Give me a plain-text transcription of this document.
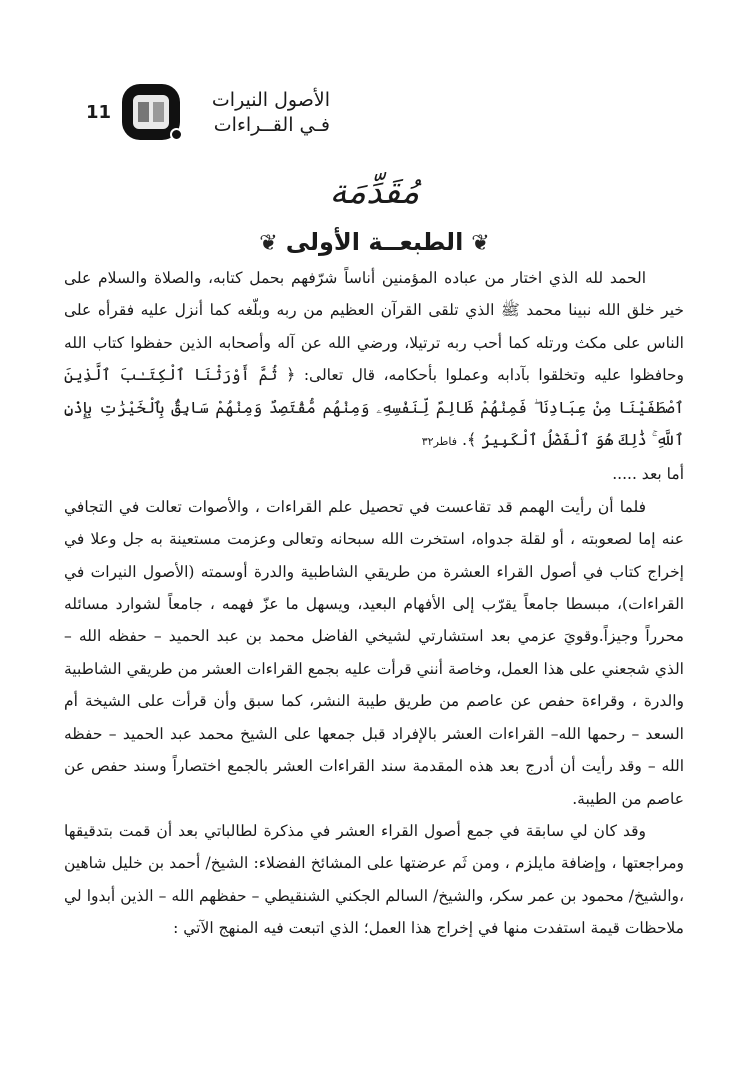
11
الأصول النيرات
فـي القــراءات
مُقَدِّمَة
❦الطبعــة الأولى❦

الحمد لله الذي اختار من عباده المؤمنين أناساً شرّفهم بحمل كتابه، والصلاة والسلام على خير خلق الله نبينا محمد ﷺ الذي تلقى القرآن العظيم من ربه وبلّغه كما أنزل عليه فقرأه على الناس على مكث ورتله كما أحب ربه ترتيلا، ورضي الله عن آله وأصحابه الذين حفظوا كتاب الله وحافظوا عليه وتخلقوا بآدابه وعملوا بأحكامه، قال تعالى: ﴿ ثُمَّ أَوْرَثْنَا ٱلْكِتَـٰبَ ٱلَّذِينَ ٱصْطَفَيْنَا مِنْ عِبَادِنَا ۖ فَمِنْهُمْ ظَالِمٌ لِّنَفْسِهِۦ وَمِنْهُم مُّقْتَصِدٌ وَمِنْهُمْ سَابِقٌۢ بِٱلْخَيْرَٰتِ بِإِذْنِ ٱللَّهِ ۚ ذَٰلِكَ هُوَ ٱلْفَضْلُ ٱلْكَبِيرُ ﴾. فاطر٣٢

أما بعد .....

فلما أن رأيت الهمم قد تقاعست في تحصيل علم القراءات ، والأصوات تعالت في التجافي عنه إما لصعوبته ، أو لقلة جدواه، استخرت الله سبحانه وتعالى وعزمت مستعينة به جل وعلا في إخراج كتاب في أصول القراء العشرة من طريقي الشاطبية والدرة أوسمته (الأصول النيرات في القراءات)، مبسطا جامعاً يقرّب إلى الأفهام البعيد، ويسهل ما عزّ فهمه ، جامعاً لشوارد مسائله محرراً وجيزاً.وقويَ عزمي بعد استشارتي لشيخي الفاضل محمد بن عبد الحميد – حفظه الله – الذي شجعني على هذا العمل، وخاصة أنني قرأت عليه بجمع القراءات العشر من طريقي الشاطبية والدرة ، وقراءة حفص عن عاصم من طريق طيبة النشر، كما سبق وأن قرأت على الشيخة أم السعد – رحمها الله– القراءات العشر بالإفراد قبل جمعها على الشيخ محمد عبد الحميد – حفظه الله – وقد رأيت أن أدرج بعد هذه المقدمة سند القراءات العشر بالجمع اختصاراً وسند حفص عن عاصم من الطيبة.

وقد كان لي سابقة في جمع أصول القراء العشر في مذكرة لطالباتي بعد أن قمت بتدقيقها ومراجعتها ، وإضافة مايلزم ، ومن ثَم عرضتها على المشائخ الفضلاء: الشيخ/ أحمد بن خليل شاهين ،والشيخ/ محمود بن عمر سكر، والشيخ/ السالم الجكني الشنقيطي – حفظهم الله – الذين أبدوا لي ملاحظات قيمة استفدت منها في إخراج هذا العمل؛ الذي اتبعت فيه المنهج الآتي :
